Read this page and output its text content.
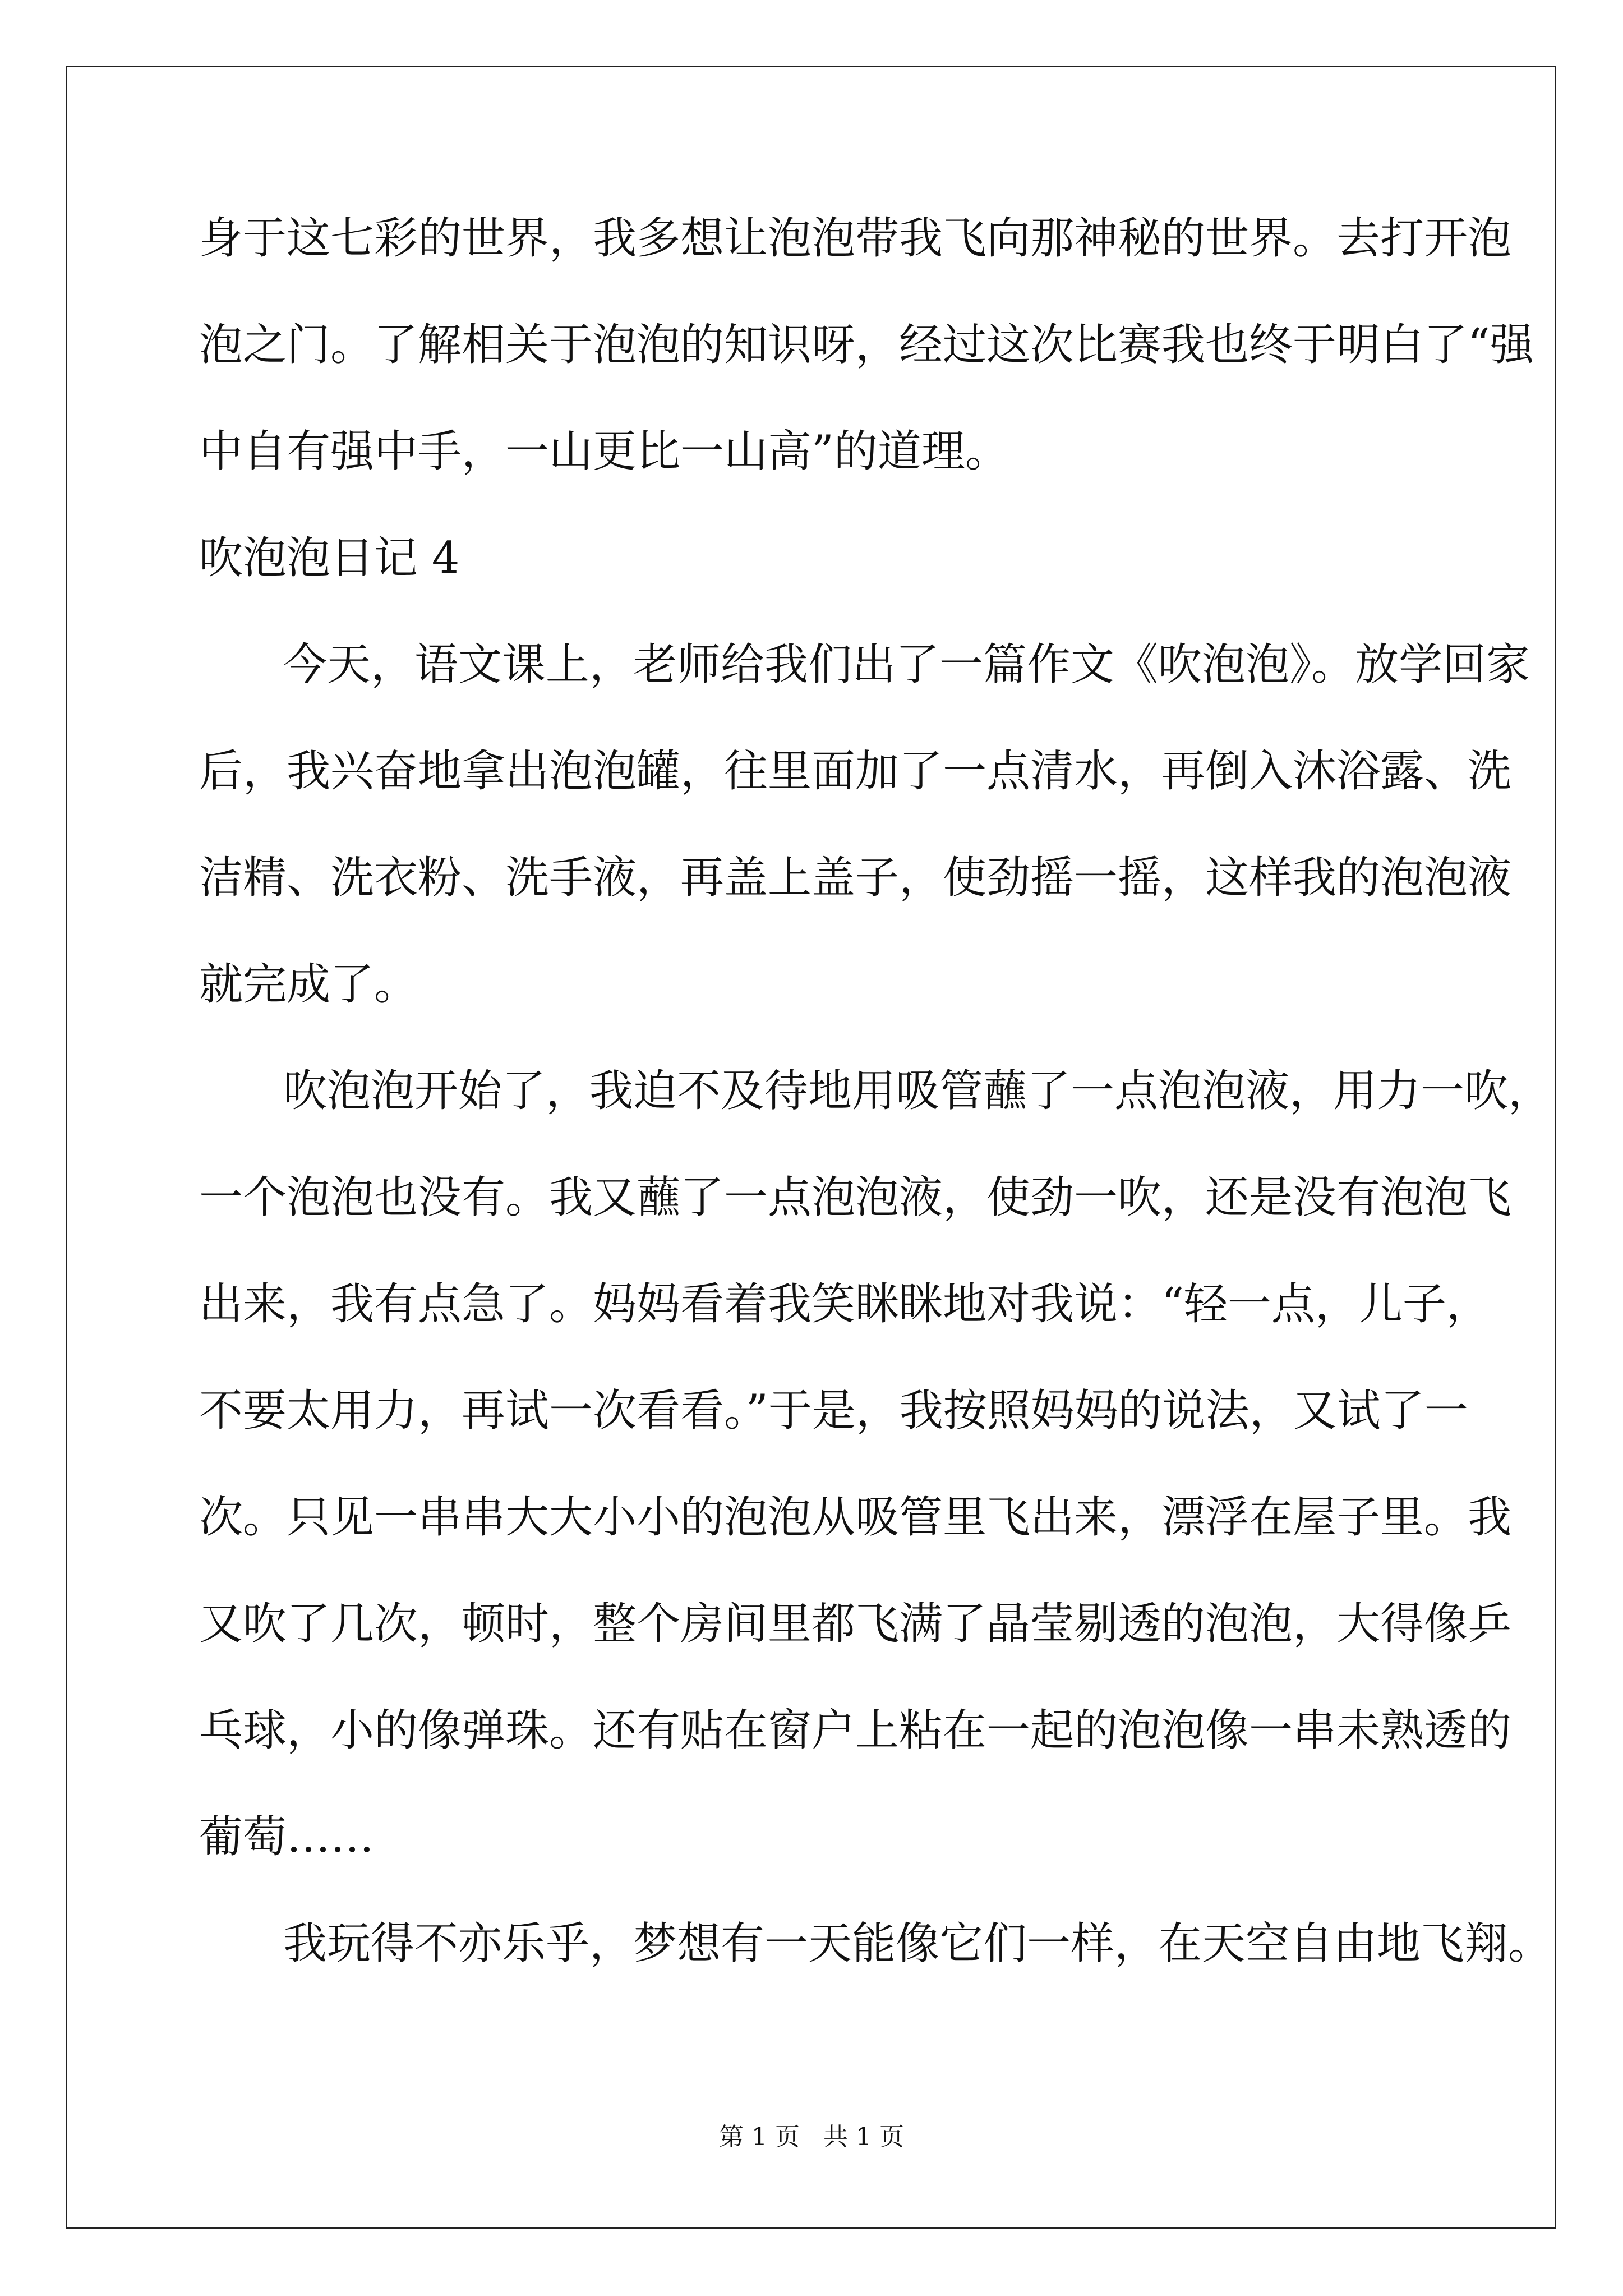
身于这七彩的世界，我多想让泡泡带我飞向那神秘的世界。去打开泡
泡之门。了解相关于泡泡的知识呀，经过这次比赛我也终于明白了“强
中自有强中手，一山更比一山高”的道理。
吹泡泡日记 4
今天，语文课上，老师给我们出了一篇作文《吹泡泡》。放学回家
后，我兴奋地拿出泡泡罐，往里面加了一点清水，再倒入沐浴露、洗
洁精、洗衣粉、洗手液，再盖上盖子，使劲摇一摇，这样我的泡泡液
就完成了。
吹泡泡开始了，我迫不及待地用吸管蘸了一点泡泡液，用力一吹，
一个泡泡也没有。我又蘸了一点泡泡液，使劲一吹，还是没有泡泡飞
出来，我有点急了。妈妈看着我笑眯眯地对我说：“轻一点，儿子，
不要太用力，再试一次看看。”于是，我按照妈妈的说法，又试了一
次。只见一串串大大小小的泡泡从吸管里飞出来，漂浮在屋子里。我
又吹了几次，顿时，整个房间里都飞满了晶莹剔透的泡泡，大得像乒
乓球，小的像弹珠。还有贴在窗户上粘在一起的泡泡像一串未熟透的
葡萄……
我玩得不亦乐乎，梦想有一天能像它们一样，在天空自由地飞翔。
第 1 页   共 1 页
